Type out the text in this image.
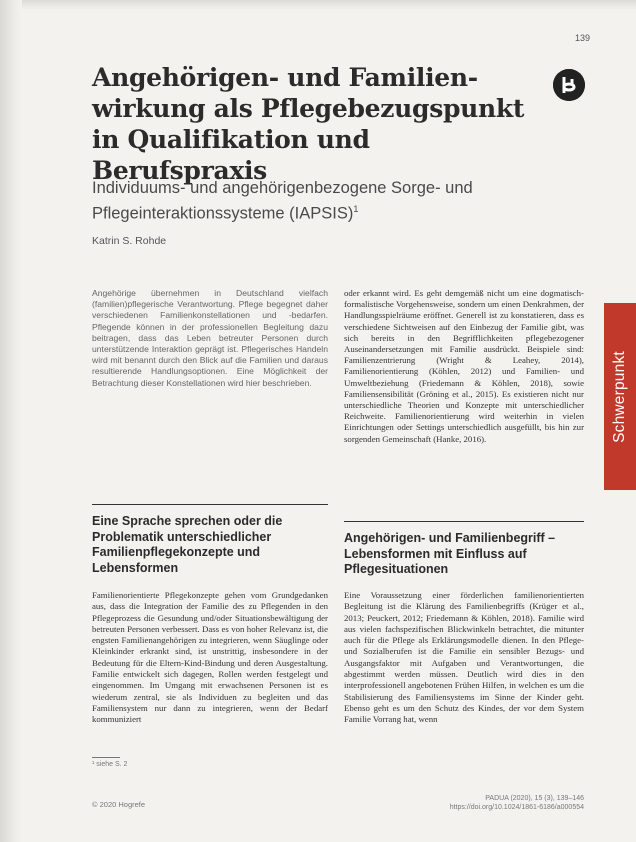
139
Angehörigen- und Familien-wirkung als Pflegebezugspunkt in Qualifikation und Berufspraxis
Individuums- und angehörigenbezogene Sorge- und Pflegeinteraktionssysteme (IAPSIS)$^1$
Katrin S. Rohde
Schwerpunkt

Angehörige übernehmen in Deutschland vielfach (familien)pflegerische Verantwortung. Pflege begegnet daher verschiedenen Familienkonstellationen und -bedarfen. Pflegende können in der professionellen Begleitung dazu beitragen, dass das Leben betreuter Personen durch unterstützende Interaktion geprägt ist. Pflegerisches Handeln wird mit benannt durch den Blick auf die Familien und daraus resultierende Handlungsoptionen. Eine Möglichkeit der Betrachtung dieser Konstellationen wird hier beschrieben.

oder erkannt wird. Es geht demgemäß nicht um eine dogmatisch-formalistische Vorgehensweise, sondern um einen Denkrahmen, der Handlungsspielräume eröffnet. Generell ist zu konstatieren, dass es verschiedene Sichtweisen auf den Einbezug der Familie gibt, was sich bereits in den Begrifflichkeiten pflegebezogener Auseinandersetzungen mit Familie ausdrückt. Beispiele sind: Familienzentrierung (Wright & Leahey, 2014), Familienorientierung (Köhlen, 2012) und Familien- und Umweltbeziehung (Friedemann & Köhlen, 2018), sowie Familiensensibilität (Gröning et al., 2015). Es existieren nicht nur unterschiedliche Theorien und Konzepte mit unterschiedlicher Reichweite. Familienorientierung wird weiterhin in vielen Einrichtungen oder Settings unterschiedlich ausgefüllt, bis hin zur sorgenden Gemeinschaft (Hanke, 2016).

Eine Sprache sprechen oder die Problematik unterschiedlicher Familienpflegekonzepte und Lebensformen

Familienorientierte Pflegekonzepte gehen vom Grundgedanken aus, dass die Integration der Familie des zu Pflegenden in den Pflegeprozess die Gesundung und/oder Situationsbewältigung der betreuten Personen verbessert. Dass es von hoher Relevanz ist, die engsten Familienangehörigen zu integrieren, wenn Säuglinge oder Kleinkinder erkrankt sind, ist unstrittig, insbesondere in der Bedeutung für die Eltern-Kind-Bindung und deren Ausgestaltung. Familie entwickelt sich dagegen, Rollen werden festgelegt und eingenommen. Im Umgang mit erwachsenen Personen ist es wiederum zentral, sie als Individuen zu begleiten und das Familiensystem nur dann zu integrieren, wenn der Bedarf kommuniziert

Angehörigen- und Familienbegriff – Lebensformen mit Einfluss auf Pflegesituationen

Eine Voraussetzung einer förderlichen familienorientierten Begleitung ist die Klärung des Familienbegriffs (Krüger et al., 2013; Peuckert, 2012; Friedemann & Köhlen, 2018). Familie wird aus vielen fachspezifischen Blickwinkeln betrachtet, die mitunter auch für die Pflege als Erklärungsmodelle dienen. In den Pflege- und Sozialberufen ist die Familie ein sensibler Bezugs- und Ausgangsfaktor mit Aufgaben und Verantwortungen, die abgestimmt werden müssen. Deutlich wird dies in den interprofessionell angebotenen Frühen Hilfen, in welchen es um die Stabilisierung des Familiensystems im Sinne der Kinder geht. Ebenso geht es um den Schutz des Kindes, der vor dem System Familie Vorrang hat, wenn

¹ siehe S. 2
© 2020 Hogrefe
PADUA (2020), 15 (3), 139–146
https://doi.org/10.1024/1861-6186/a000554
